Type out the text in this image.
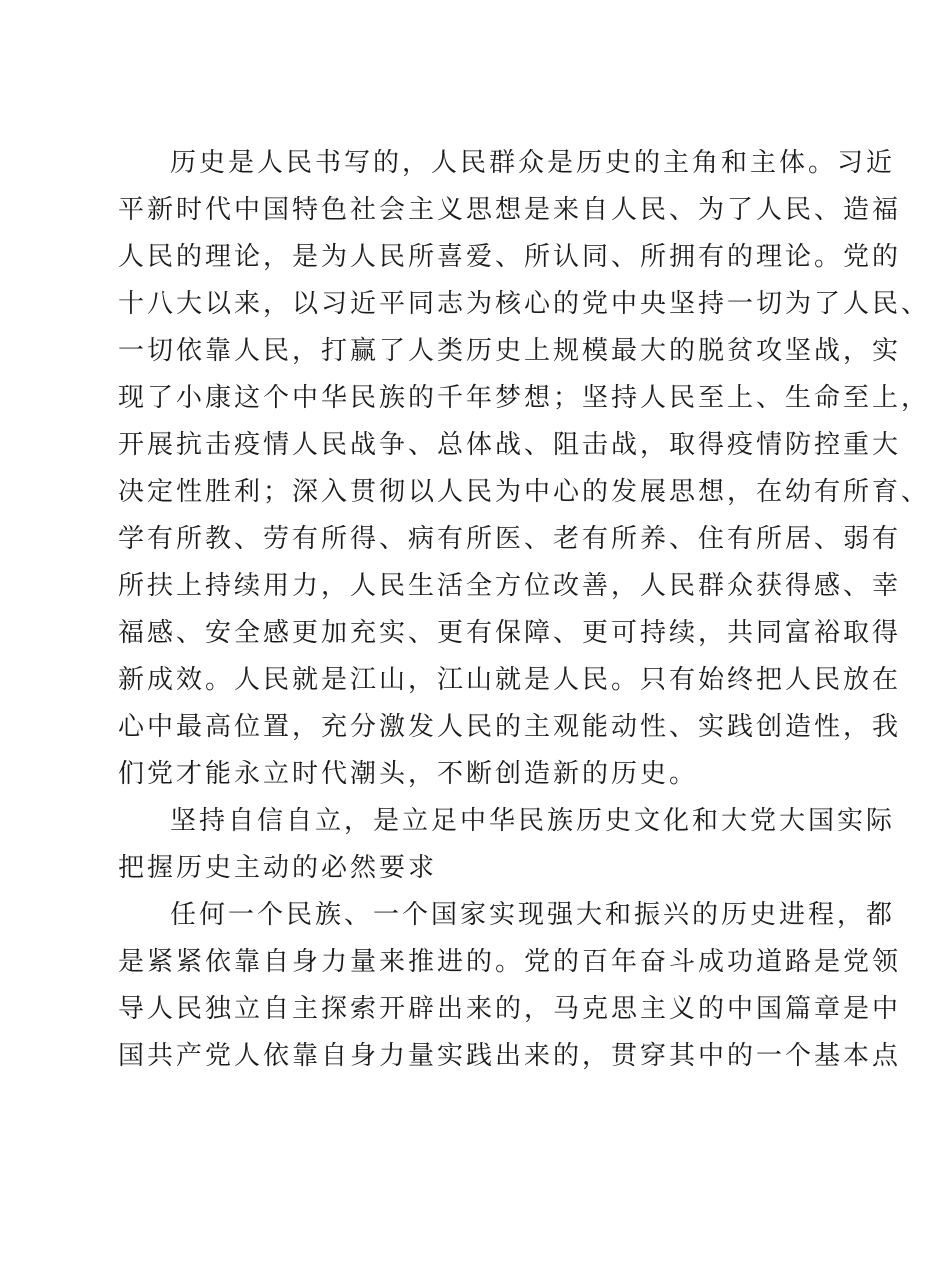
历史是人民书写的，人民群众是历史的主角和主体。习近
平新时代中国特色社会主义思想是来自人民、为了人民、造福
人民的理论，是为人民所喜爱、所认同、所拥有的理论。党的
十八大以来，以习近平同志为核心的党中央坚持一切为了人民、
一切依靠人民，打赢了人类历史上规模最大的脱贫攻坚战，实
现了小康这个中华民族的千年梦想；坚持人民至上、生命至上，
开展抗击疫情人民战争、总体战、阻击战，取得疫情防控重大
决定性胜利；深入贯彻以人民为中心的发展思想，在幼有所育、
学有所教、劳有所得、病有所医、老有所养、住有所居、弱有
所扶上持续用力，人民生活全方位改善，人民群众获得感、幸
福感、安全感更加充实、更有保障、更可持续，共同富裕取得
新成效。人民就是江山，江山就是人民。只有始终把人民放在
心中最高位置，充分激发人民的主观能动性、实践创造性，我
们党才能永立时代潮头，不断创造新的历史。
坚持自信自立，是立足中华民族历史文化和大党大国实际
把握历史主动的必然要求
任何一个民族、一个国家实现强大和振兴的历史进程，都
是紧紧依靠自身力量来推进的。党的百年奋斗成功道路是党领
导人民独立自主探索开辟出来的，马克思主义的中国篇章是中
国共产党人依靠自身力量实践出来的，贯穿其中的一个基本点
